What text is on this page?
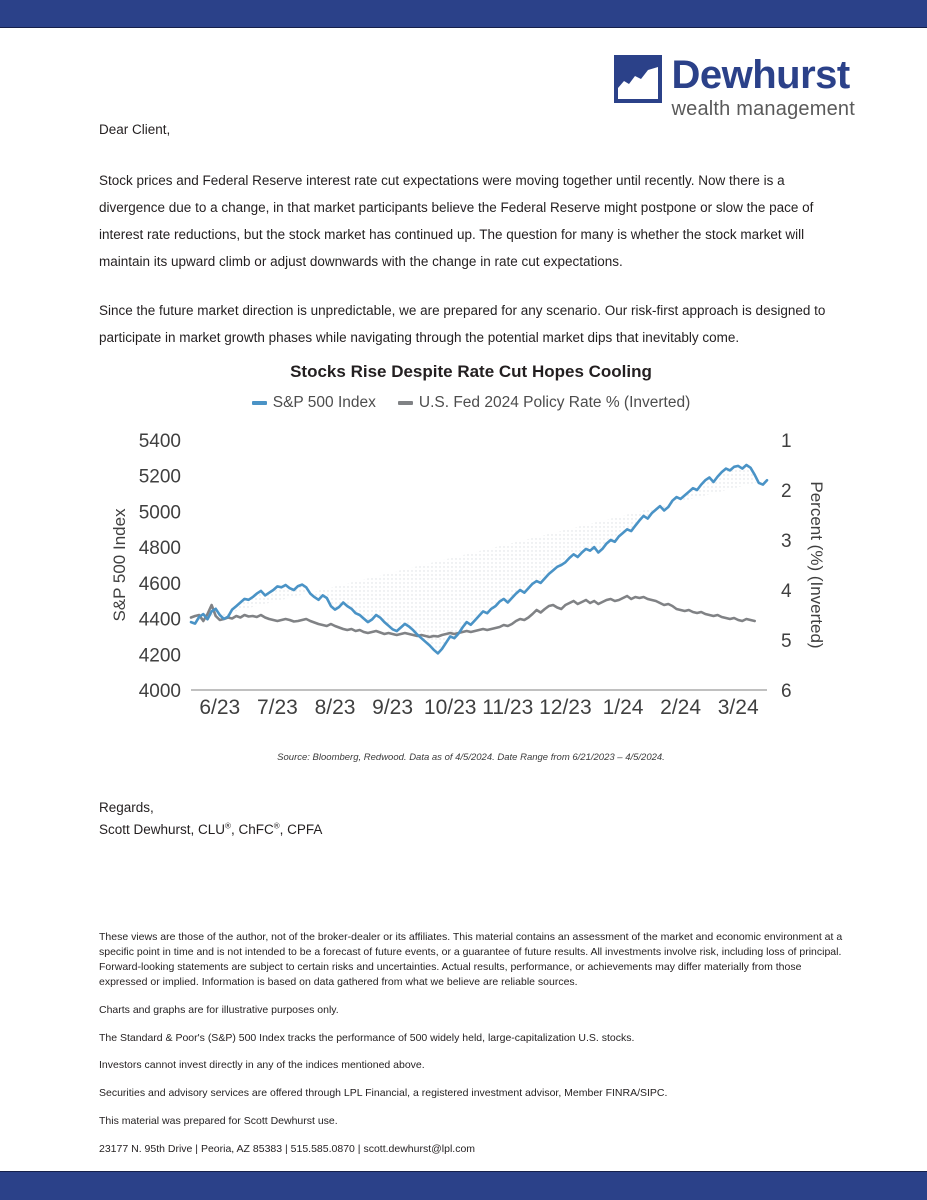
Dewhurst
wealth management
Dear Client,
Stock prices and Federal Reserve interest rate cut expectations were moving together until recently. Now there is a divergence due to a change, in that market participants believe the Federal Reserve might postpone or slow the pace of interest rate reductions, but the stock market has continued up. The question for many is whether the stock market will maintain its upward climb or adjust downwards with the change in rate cut expectations.
Since the future market direction is unpredictable, we are prepared for any scenario. Our risk-first approach is designed to participate in market growth phases while navigating through the potential market dips that inevitably come.
Stocks Rise Despite Rate Cut Hopes Cooling
S&P 500 Index	U.S. Fed 2024 Policy Rate % (Inverted)
4000
4200
4400
4600
4800
5000
5200
5400	1
2
3
4
5
6
6/23 7/23 8/23 9/23 10/23 11/23 12/23 1/24 2/24 3/24
S&P 500 Index	Percent (%) (Inverted)
Source: Bloomberg, Redwood. Data as of 4/5/2024. Date Range from 6/21/2023 – 4/5/2024.
Regards,
Scott Dewhurst, CLU®, ChFC®, CPFA
These views are those of the author, not of the broker-dealer or its affiliates. This material contains an assessment of the market and economic environment at a specific point in time and is not intended to be a forecast of future events, or a guarantee of future results. All investments involve risk, including loss of principal. Forward-looking statements are subject to certain risks and uncertainties. Actual results, performance, or achievements may differ materially from those expressed or implied. Information is based on data gathered from what we believe are reliable sources.
Charts and graphs are for illustrative purposes only.
The Standard & Poor's (S&P) 500 Index tracks the performance of 500 widely held, large-capitalization U.S. stocks.
Investors cannot invest directly in any of the indices mentioned above.
Securities and advisory services are offered through LPL Financial, a registered investment advisor, Member FINRA/SIPC.
This material was prepared for Scott Dewhurst use.
23177 N. 95th Drive | Peoria, AZ 85383 | 515.585.0870 | scott.dewhurst@lpl.com
